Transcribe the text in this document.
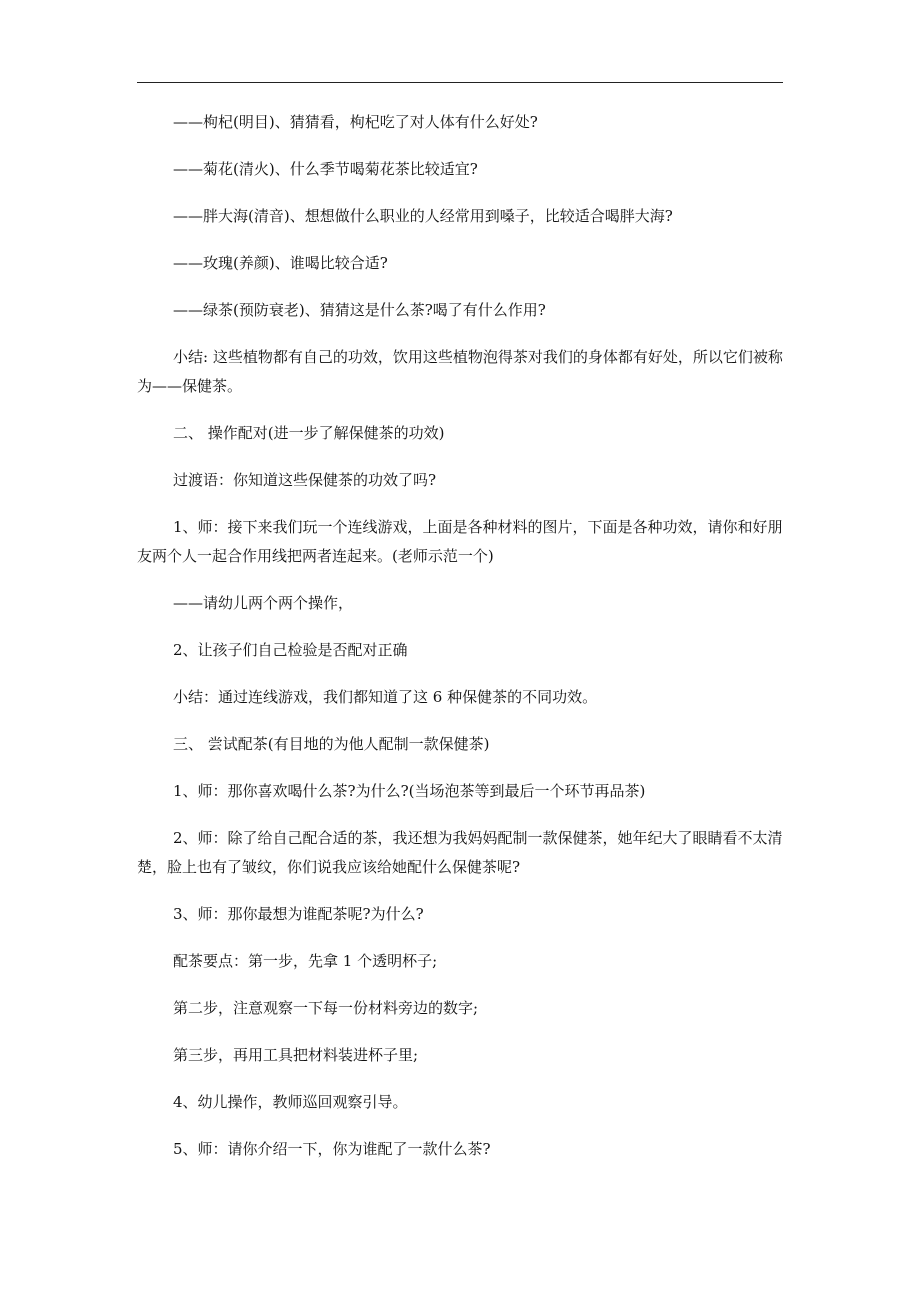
——枸杞(明目)、猜猜看，枸杞吃了对人体有什么好处?

——菊花(清火)、什么季节喝菊花茶比较适宜?

——胖大海(清音)、想想做什么职业的人经常用到嗓子，比较适合喝胖大海?

——玫瑰(养颜)、谁喝比较合适?

——绿茶(预防衰老)、猜猜这是什么茶?喝了有什么作用?

小结: 这些植物都有自己的功效，饮用这些植物泡得茶对我们的身体都有好处，所以它们被称为——保健茶。

二、 操作配对(进一步了解保健茶的功效)

过渡语：你知道这些保健茶的功效了吗?

1、师：接下来我们玩一个连线游戏，上面是各种材料的图片，下面是各种功效，请你和好朋友两个人一起合作用线把两者连起来。(老师示范一个)

——请幼儿两个两个操作，

2、让孩子们自己检验是否配对正确

小结：通过连线游戏，我们都知道了这 6 种保健茶的不同功效。

三、 尝试配茶(有目地的为他人配制一款保健茶)

1、师：那你喜欢喝什么茶?为什么?(当场泡茶等到最后一个环节再品茶)

2、师：除了给自己配合适的茶，我还想为我妈妈配制一款保健茶，她年纪大了眼睛看不太清楚，脸上也有了皱纹，你们说我应该给她配什么保健茶呢?

3、师：那你最想为谁配茶呢?为什么?

配茶要点：第一步，先拿 1 个透明杯子;

第二步，注意观察一下每一份材料旁边的数字;

第三步，再用工具把材料装进杯子里;

4、幼儿操作，教师巡回观察引导。

5、师：请你介绍一下，你为谁配了一款什么茶?
